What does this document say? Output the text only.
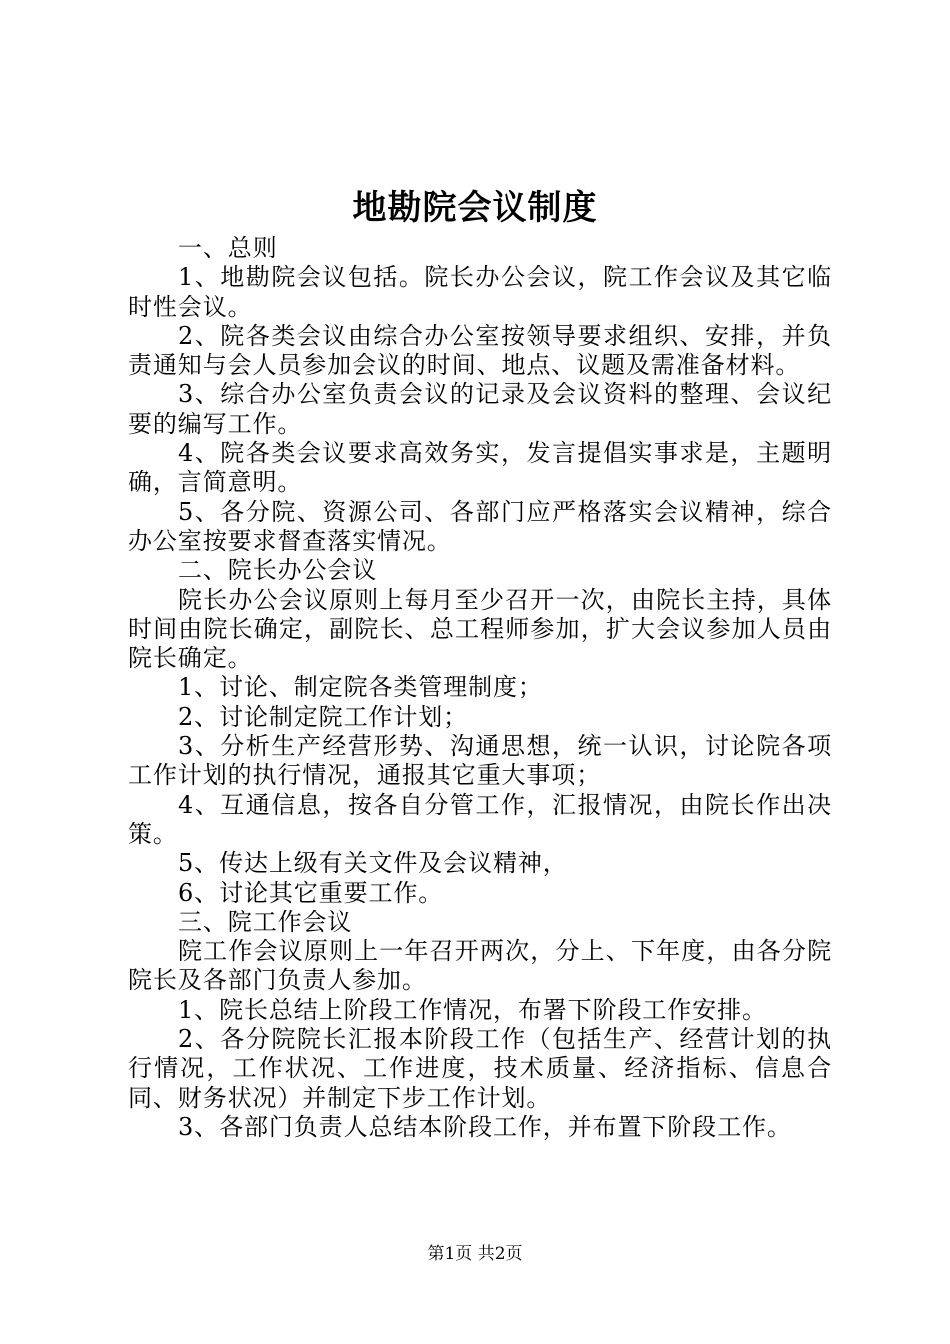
地勘院会议制度

一、总则

1、地勘院会议包括。院长办公会议，院工作会议及其它临时性会议。

2、院各类会议由综合办公室按领导要求组织、安排，并负责通知与会人员参加会议的时间、地点、议题及需准备材料。

3、综合办公室负责会议的记录及会议资料的整理、会议纪要的编写工作。

4、院各类会议要求高效务实，发言提倡实事求是，主题明确，言简意明。

5、各分院、资源公司、各部门应严格落实会议精神，综合办公室按要求督查落实情况。

二、院长办公会议

院长办公会议原则上每月至少召开一次，由院长主持，具体时间由院长确定，副院长、总工程师参加，扩大会议参加人员由院长确定。

1、讨论、制定院各类管理制度；

2、讨论制定院工作计划；

3、分析生产经营形势、沟通思想，统一认识，讨论院各项工作计划的执行情况，通报其它重大事项；

4、互通信息，按各自分管工作，汇报情况，由院长作出决策。

5、传达上级有关文件及会议精神，

6、讨论其它重要工作。

三、院工作会议

院工作会议原则上一年召开两次，分上、下年度，由各分院院长及各部门负责人参加。

1、院长总结上阶段工作情况，布署下阶段工作安排。

2、各分院院长汇报本阶段工作（包括生产、经营计划的执行情况，工作状况、工作进度，技术质量、经济指标、信息合同、财务状况）并制定下步工作计划。

3、各部门负责人总结本阶段工作，并布置下阶段工作。

第1页 共2页
